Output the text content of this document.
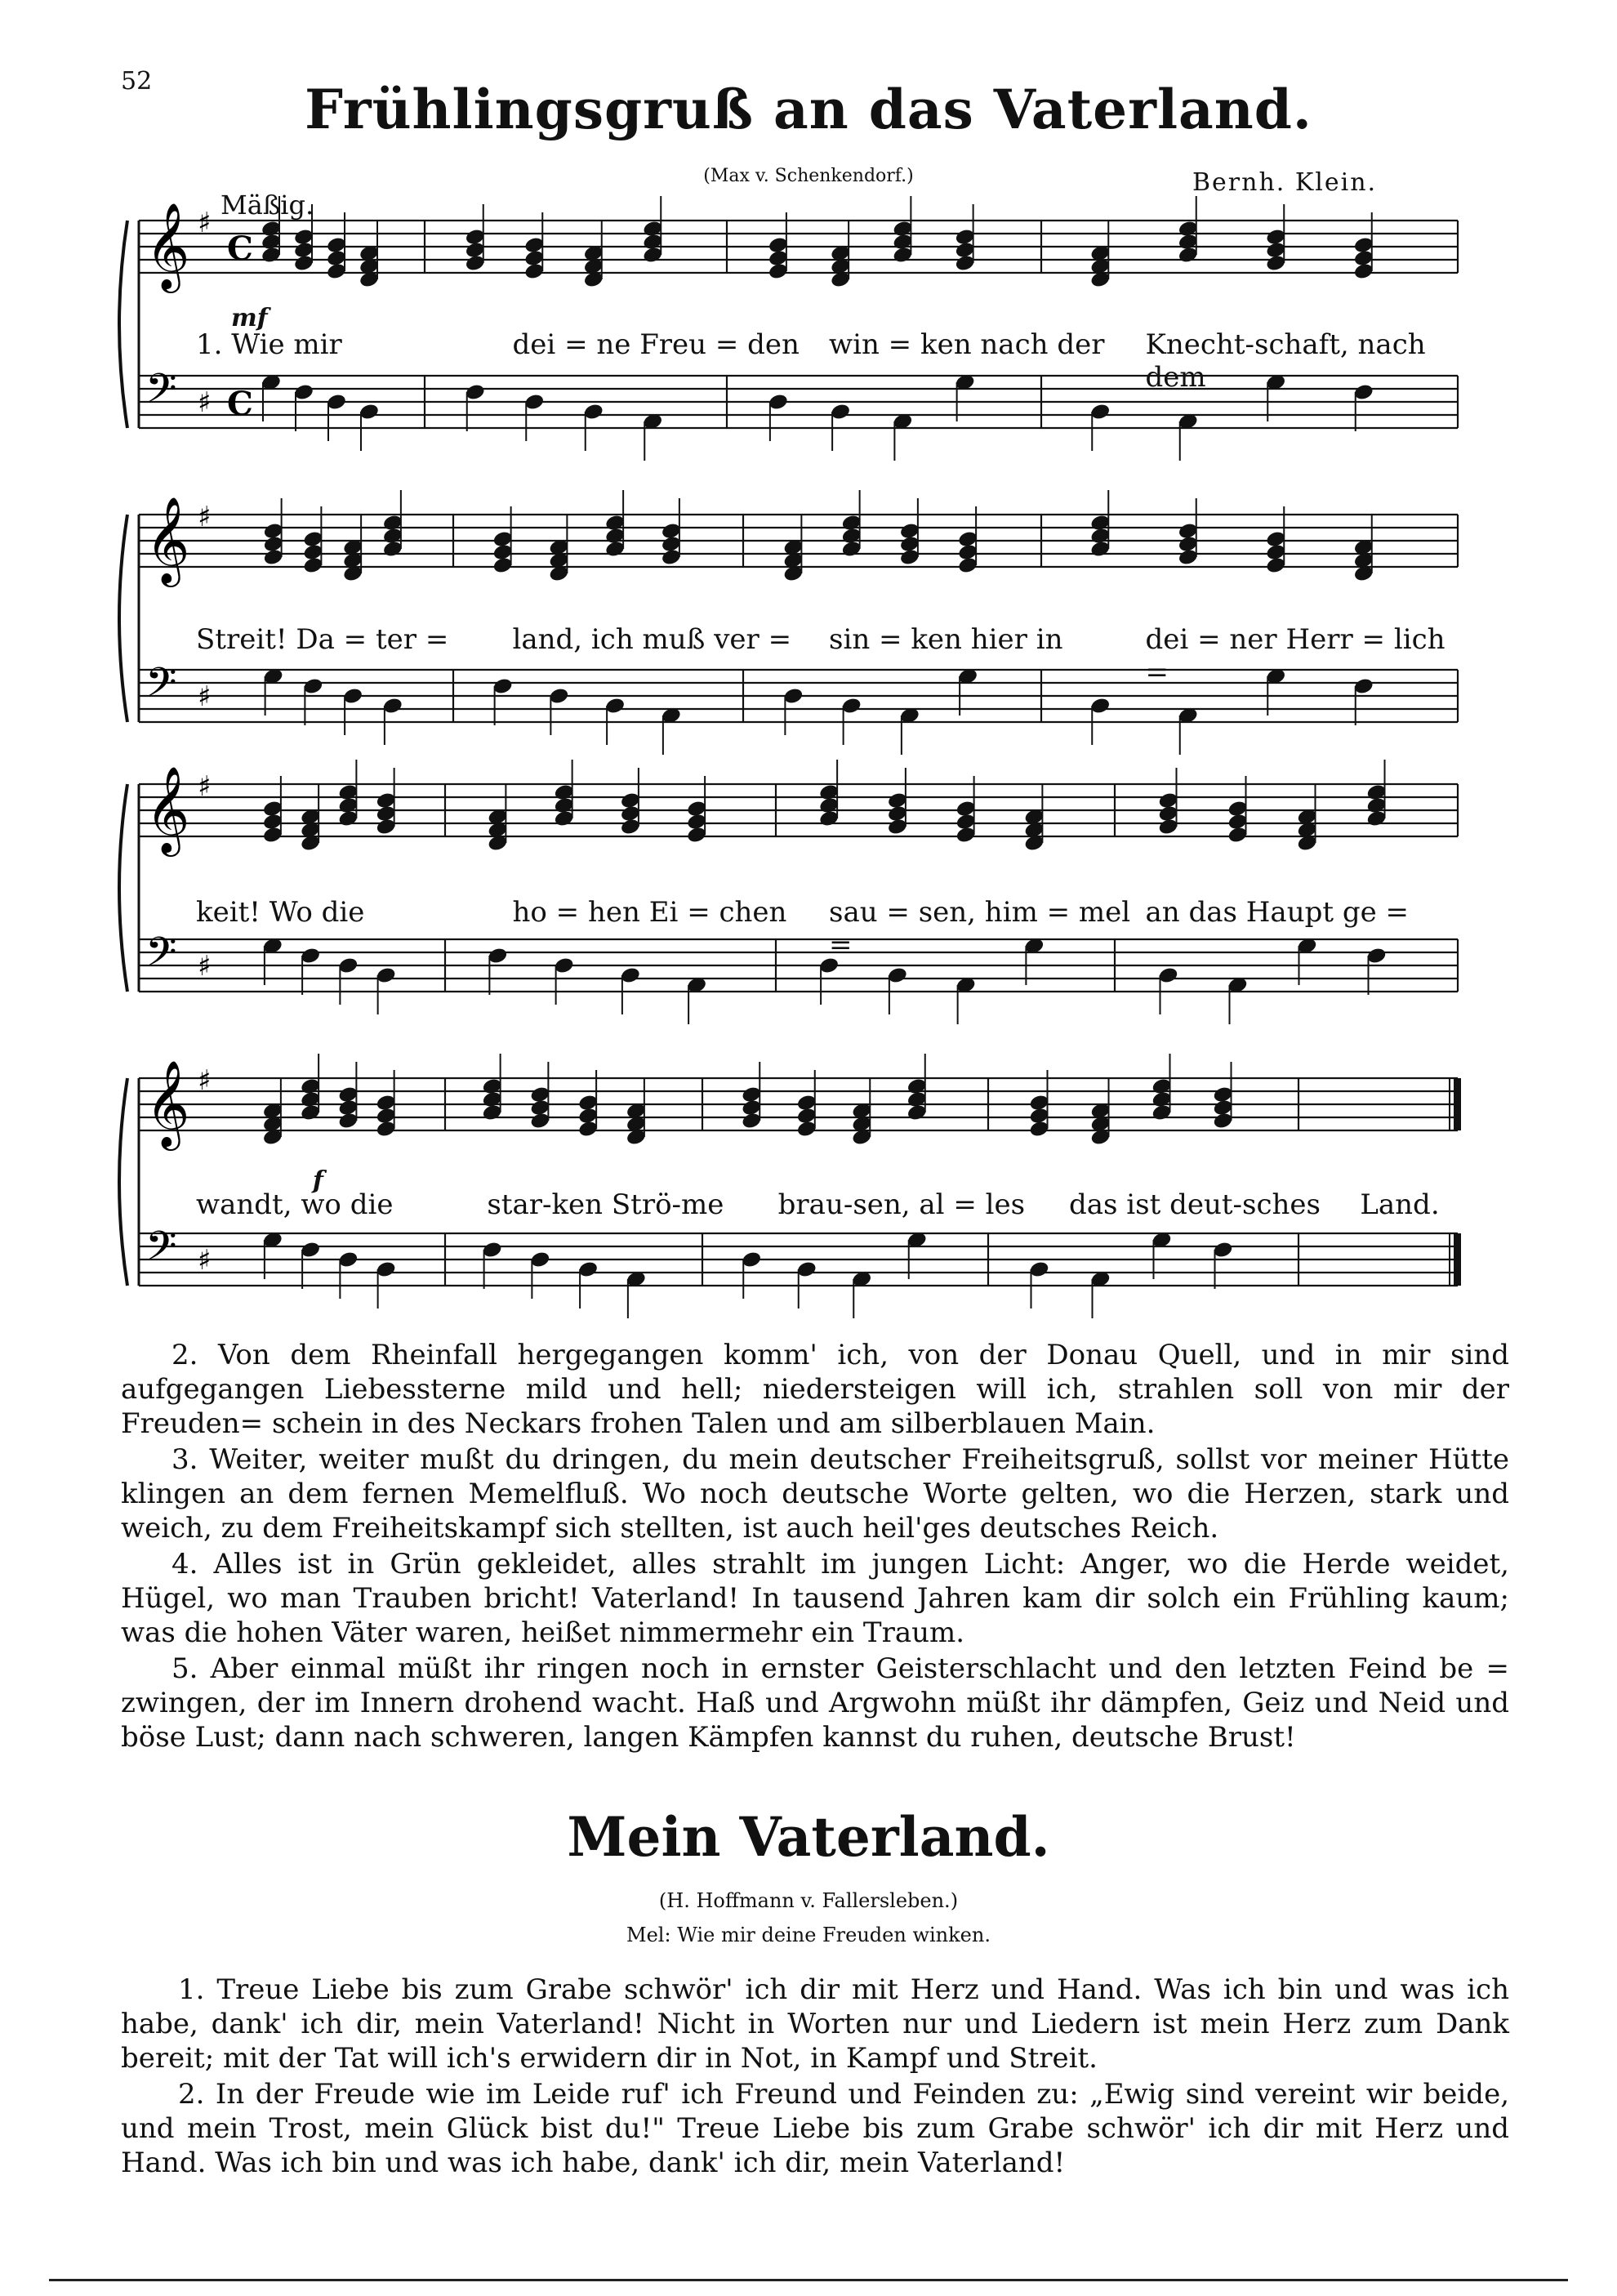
52	Frühlingsgruß an das Vaterland.
(Max v. Schenkendorf.)	Bernh. Klein.
Mäßig.
mf
f
𝄞 ♯
C
𝄢 ♯ C
𝄞 ♯
𝄢 ♯
𝄞 ♯
𝄢 ♯
𝄞 ♯
𝄢 ♯
1. Wie mir	dei = ne Freu = den	win = ken nach der	Knecht-schaft, nach dem
Streit! Da = ter =	land, ich muß ver =	sin = ken hier in	dei = ner Herr = lich =
keit! Wo die	ho = hen Ei = chen	sau = sen, him = mel =
an das Haupt ge =
wandt, wo die	star-ken Strö-me	brau-sen, al = les	das ist deut-sches	Land.

2. Von dem Rheinfall hergegangen komm' ich, von der Donau Quell, und in mir sind aufgegangen Liebessterne mild und hell; niedersteigen will ich, strahlen soll von mir der Freuden= schein in des Neckars frohen Talen und am silberblauen Main.

3. Weiter, weiter mußt du dringen, du mein deutscher Freiheitsgruß, sollst vor meiner Hütte klingen an dem fernen Memelfluß. Wo noch deutsche Worte gelten, wo die Herzen, stark und weich, zu dem Freiheitskampf sich stellten, ist auch heil'ges deutsches Reich.

4. Alles ist in Grün gekleidet, alles strahlt im jungen Licht: Anger, wo die Herde weidet, Hügel, wo man Trauben bricht! Vaterland! In tausend Jahren kam dir solch ein Frühling kaum; was die hohen Väter waren, heißet nimmermehr ein Traum.

5. Aber einmal müßt ihr ringen noch in ernster Geisterschlacht und den letzten Feind be = zwingen, der im Innern drohend wacht. Haß und Argwohn müßt ihr dämpfen, Geiz und Neid und böse Lust; dann nach schweren, langen Kämpfen kannst du ruhen, deutsche Brust!

Mein Vaterland.
(H. Hoffmann v. Fallersleben.)
Mel: Wie mir deine Freuden winken.

1. Treue Liebe bis zum Grabe schwör' ich dir mit Herz und Hand. Was ich bin und was ich habe, dank' ich dir, mein Vaterland! Nicht in Worten nur und Liedern ist mein Herz zum Dank bereit; mit der Tat will ich's erwidern dir in Not, in Kampf und Streit.

2. In der Freude wie im Leide ruf' ich Freund und Feinden zu: „Ewig sind vereint wir beide, und mein Trost, mein Glück bist du!" Treue Liebe bis zum Grabe schwör' ich dir mit Herz und Hand. Was ich bin und was ich habe, dank' ich dir, mein Vaterland!
